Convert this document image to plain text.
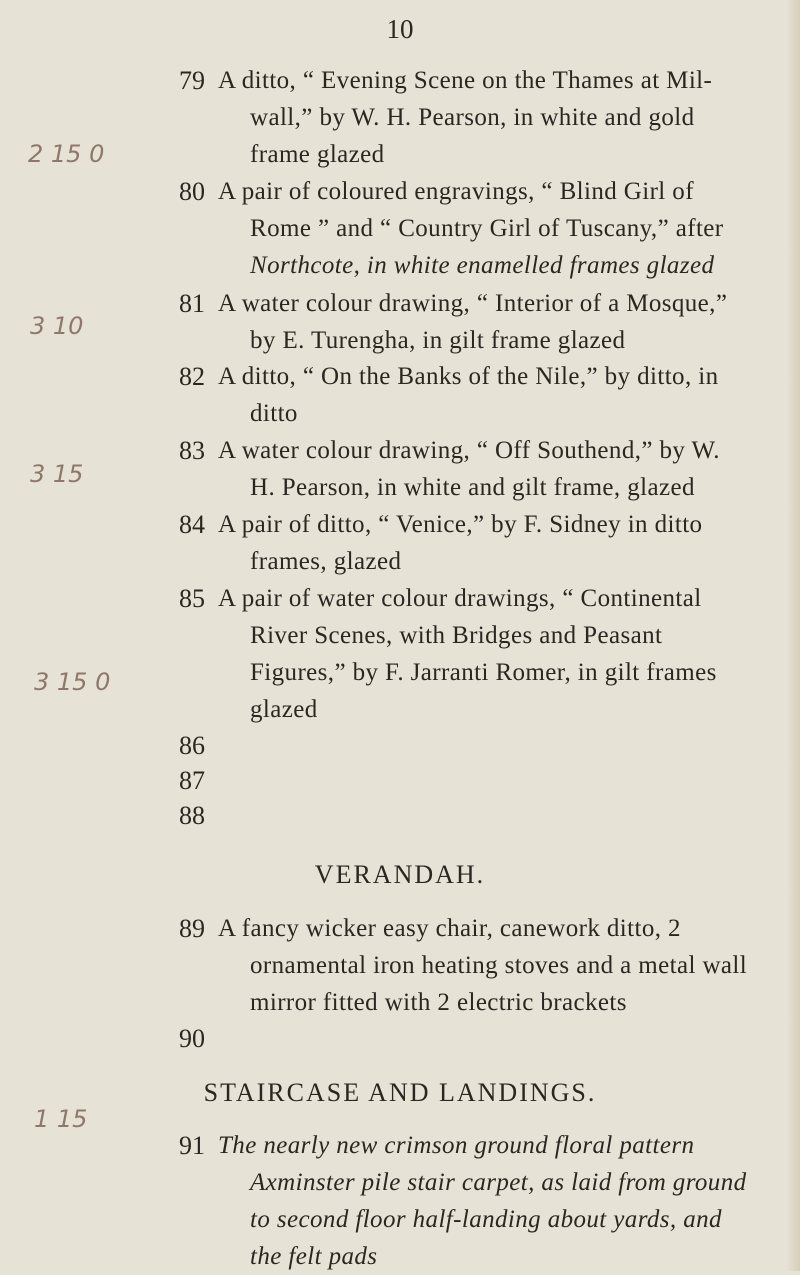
10
2 15 0
3 10
3 15
3 15 0
1 15
79 A ditto, “ Evening Scene on the Thames at Mil-
wall,” by W. H. Pearson, in white and gold
frame glazed
80 A pair of coloured engravings, “ Blind Girl of
Rome ” and “ Country Girl of Tuscany,” after
Northcote, in white enamelled frames glazed
81 A water colour drawing, “ Interior of a Mosque,”
by E. Turengha, in gilt frame glazed
82 A ditto, “ On the Banks of the Nile,” by ditto, in
ditto
83 A water colour drawing, “ Off Southend,” by W.
H. Pearson, in white and gilt frame, glazed
84 A pair of ditto, “ Venice,” by F. Sidney in ditto
frames, glazed
85 A pair of water colour drawings, “ Continental
River Scenes, with Bridges and Peasant
Figures,” by F. Jarranti Romer, in gilt frames
glazed
86
87
88
VERANDAH.
89 A fancy wicker easy chair, canework ditto, 2
ornamental iron heating stoves and a metal wall
mirror fitted with 2 electric brackets
90
STAIRCASE AND LANDINGS.
91 The nearly new crimson ground floral pattern
Axminster pile stair carpet, as laid from ground
to second floor half-landing about yards, and
the felt pads
